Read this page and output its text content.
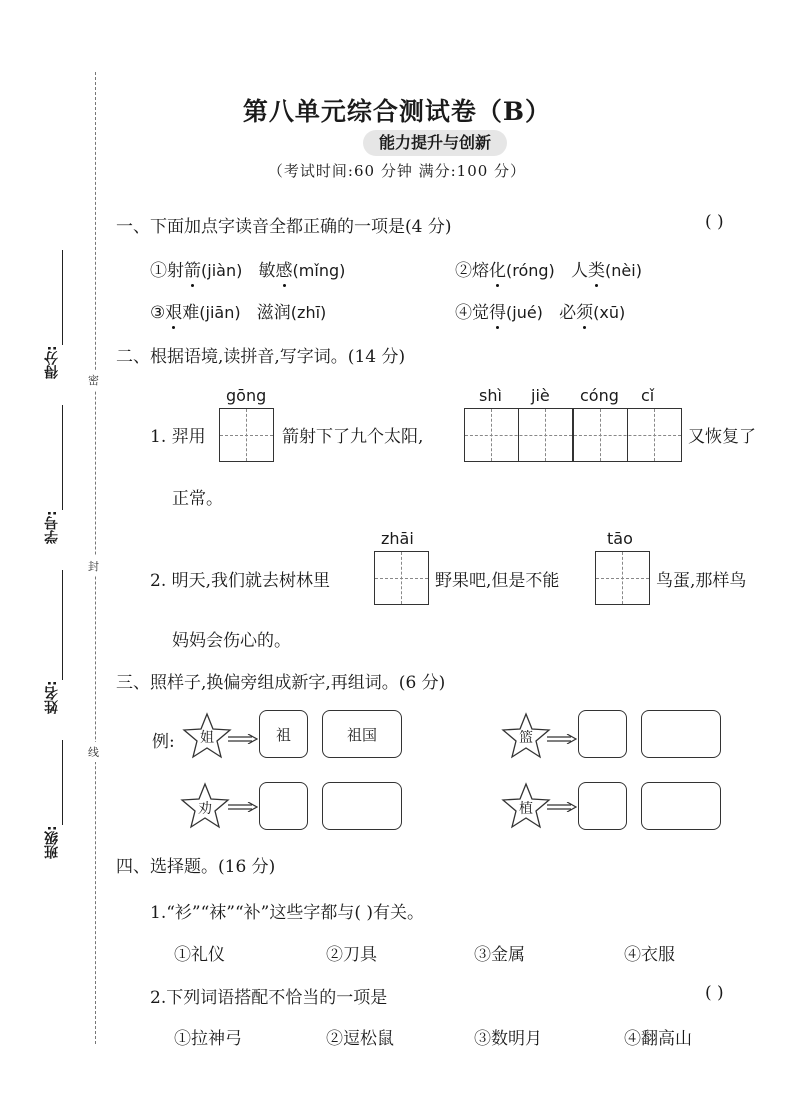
密
封
线
得分:
学号:
姓名:
班级:
第八单元综合测试卷（B）
能力提升与创新
（考试时间:60 分钟 满分:100 分）
一、下面加点字读音全都正确的一项是(4 分)	( )
①射箭(jiàn) 敏感(mǐng)	②熔化(róng) 人类(nèi)
③艰难(jiān) 滋润(zhī)	④觉得(jué) 必须(xū)
二、根据语境,读拼音,写字词。(14 分)
gōng	shì jiè cóng cǐ
1. 羿用	箭射下了九个太阳,	又恢复了
正常。
zhāi	tāo
2. 明天,我们就去树林里	野果吧,但是不能	鸟蛋,那样鸟
妈妈会伤心的。
三、照样子,换偏旁组成新字,再组词。(6 分)
例:	姐	祖	祖国	篮
劝	植
四、选择题。(16 分)
1.“衫”“袜”“补”这些字都与( )有关。
①礼仪	②刀具	③金属	④衣服
2.下列词语搭配不恰当的一项是	( )
①拉神弓	②逗松鼠	③数明月	④翻高山
